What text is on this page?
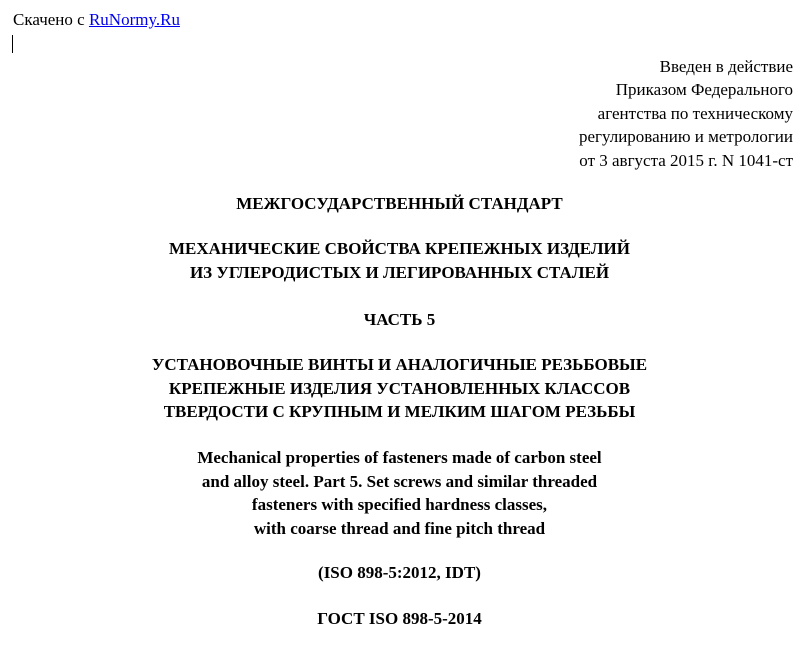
Скачено с RuNormy.Ru
Введен в действие
Приказом Федерального
агентства по техническому
регулированию и метрологии
от 3 августа 2015 г. N 1041-ст
МЕЖГОСУДАРСТВЕННЫЙ СТАНДАРТ
МЕХАНИЧЕСКИЕ СВОЙСТВА КРЕПЕЖНЫХ ИЗДЕЛИЙ
ИЗ УГЛЕРОДИСТЫХ И ЛЕГИРОВАННЫХ СТАЛЕЙ
ЧАСТЬ 5
УСТАНОВОЧНЫЕ ВИНТЫ И АНАЛОГИЧНЫЕ РЕЗЬБОВЫЕ
КРЕПЕЖНЫЕ ИЗДЕЛИЯ УСТАНОВЛЕННЫХ КЛАССОВ
ТВЕРДОСТИ С КРУПНЫМ И МЕЛКИМ ШАГОМ РЕЗЬБЫ
Mechanical properties of fasteners made of carbon steel
and alloy steel. Part 5. Set screws and similar threaded
fasteners with specified hardness classes,
with coarse thread and fine pitch thread
(ISO 898-5:2012, IDT)
ГОСТ ISO 898-5-2014
